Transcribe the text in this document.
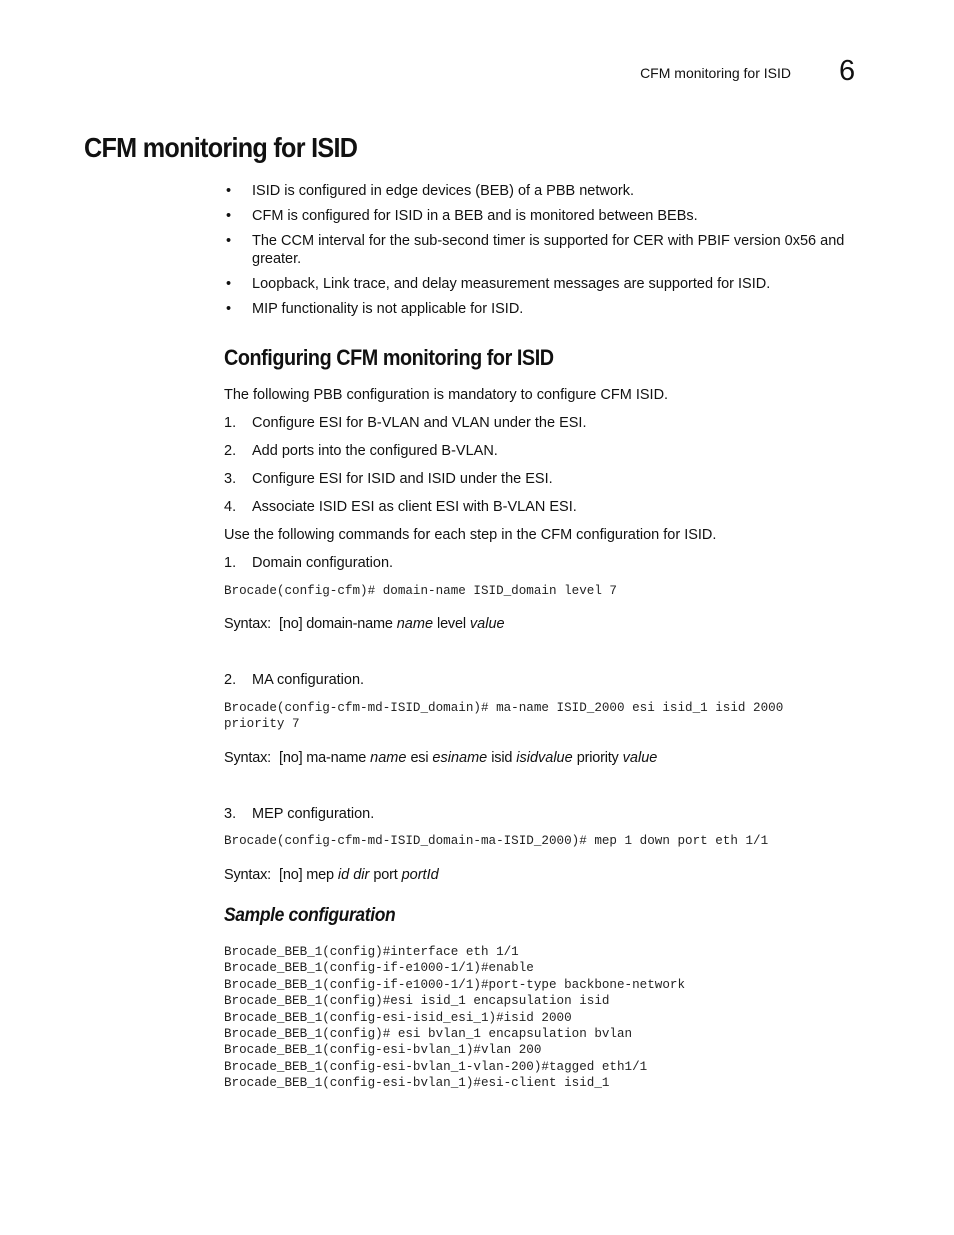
CFM monitoring for ISID 6
CFM monitoring for ISID
• ISID is configured in edge devices (BEB) of a PBB network.
• CFM is configured for ISID in a BEB and is monitored between BEBs.
• The CCM interval for the sub-second timer is supported for CER with PBIF version 0x56 and greater.
• Loopback, Link trace, and delay measurement messages are supported for ISID.
• MIP functionality is not applicable for ISID.
Configuring CFM monitoring for ISID
The following PBB configuration is mandatory to configure CFM ISID.
1. Configure ESI for B-VLAN and VLAN under the ESI.
2. Add ports into the configured B-VLAN.
3. Configure ESI for ISID and ISID under the ESI.
4. Associate ISID ESI as client ESI with B-VLAN ESI.
Use the following commands for each step in the CFM configuration for ISID.
1. Domain configuration.
Brocade(config-cfm)# domain-name ISID_domain level 7
Syntax: [no] domain-name name level value
2. MA configuration.
Brocade(config-cfm-md-ISID_domain)# ma-name ISID_2000 esi isid_1 isid 2000
priority 7
Syntax: [no] ma-name name esi esiname isid isidvalue priority value
3. MEP configuration.
Brocade(config-cfm-md-ISID_domain-ma-ISID_2000)# mep 1 down port eth 1/1
Syntax: [no] mep id dir port portId
Sample configuration
Brocade_BEB_1(config)#interface eth 1/1
Brocade_BEB_1(config-if-e1000-1/1)#enable
Brocade_BEB_1(config-if-e1000-1/1)#port-type backbone-network
Brocade_BEB_1(config)#esi isid_1 encapsulation isid
Brocade_BEB_1(config-esi-isid_esi_1)#isid 2000
Brocade_BEB_1(config)# esi bvlan_1 encapsulation bvlan
Brocade_BEB_1(config-esi-bvlan_1)#vlan 200
Brocade_BEB_1(config-esi-bvlan_1-vlan-200)#tagged eth1/1
Brocade_BEB_1(config-esi-bvlan_1)#esi-client isid_1
